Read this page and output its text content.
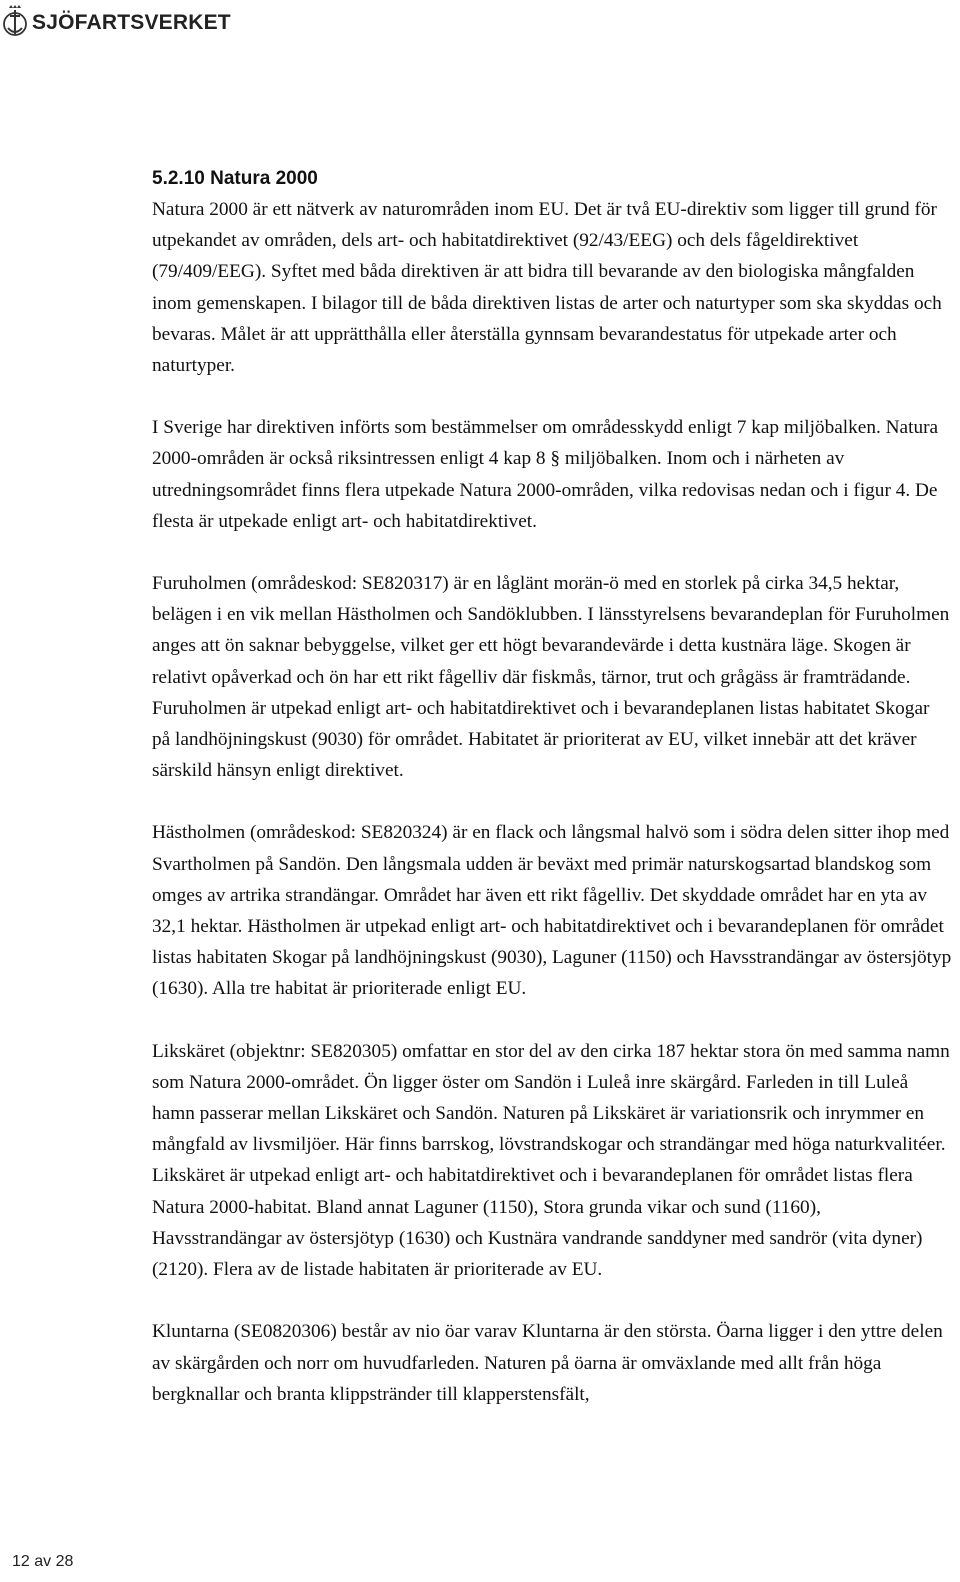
SJÖFARTSVERKET
5.2.10 Natura 2000

Natura 2000 är ett nätverk av naturområden inom EU. Det är två EU-direktiv som ligger till grund för utpekandet av områden, dels art- och habitatdirektivet (92/43/EEG) och dels fågeldirektivet (79/409/EEG). Syftet med båda direktiven är att bidra till bevarande av den biologiska mångfalden inom gemenskapen. I bilagor till de båda direktiven listas de arter och naturtyper som ska skyddas och bevaras. Målet är att upprätthålla eller återställa gynnsam bevarandestatus för utpekade arter och naturtyper.

I Sverige har direktiven införts som bestämmelser om områdesskydd enligt 7 kap miljöbalken. Natura 2000-områden är också riksintressen enligt 4 kap 8 § miljöbalken. Inom och i närheten av utredningsområdet finns flera utpekade Natura 2000-områden, vilka redovisas nedan och i figur 4. De flesta är utpekade enligt art- och habitatdirektivet.

Furuholmen (områdeskod: SE820317) är en låglänt morän-ö med en storlek på cirka 34,5 hektar, belägen i en vik mellan Hästholmen och Sandöklubben. I länsstyrelsens bevarandeplan för Furuholmen anges att ön saknar bebyggelse, vilket ger ett högt bevarandevärde i detta kustnära läge. Skogen är relativt opåverkad och ön har ett rikt fågelliv där fiskmås, tärnor, trut och grågäss är framträdande. Furuholmen är utpekad enligt art- och habitatdirektivet och i bevarandeplanen listas habitatet Skogar på landhöjningskust (9030) för området. Habitatet är prioriterat av EU, vilket innebär att det kräver särskild hänsyn enligt direktivet.

Hästholmen (områdeskod: SE820324) är en flack och långsmal halvö som i södra delen sitter ihop med Svartholmen på Sandön. Den långsmala udden är beväxt med primär naturskogsartad blandskog som omges av artrika strandängar. Området har även ett rikt fågelliv. Det skyddade området har en yta av 32,1 hektar. Hästholmen är utpekad enligt art- och habitatdirektivet och i bevarandeplanen för området listas habitaten Skogar på landhöjningskust (9030), Laguner (1150) och Havsstrandängar av östersjötyp (1630). Alla tre habitat är prioriterade enligt EU.

Likskäret (objektnr: SE820305) omfattar en stor del av den cirka 187 hektar stora ön med samma namn som Natura 2000-området. Ön ligger öster om Sandön i Luleå inre skärgård. Farleden in till Luleå hamn passerar mellan Likskäret och Sandön. Naturen på Likskäret är variationsrik och inrymmer en mångfald av livsmiljöer. Här finns barrskog, lövstrandskogar och strandängar med höga naturkvalitéer. Likskäret är utpekad enligt art- och habitatdirektivet och i bevarandeplanen för området listas flera Natura 2000-habitat. Bland annat Laguner (1150), Stora grunda vikar och sund (1160), Havsstrandängar av östersjötyp (1630) och Kustnära vandrande sanddyner med sandrör (vita dyner) (2120). Flera av de listade habitaten är prioriterade av EU.

Kluntarna (SE0820306) består av nio öar varav Kluntarna är den största. Öarna ligger i den yttre delen av skärgården och norr om huvudfarleden. Naturen på öarna är omväxlande med allt från höga bergknallar och branta klippstränder till klapperstensfält,

12 av 28
